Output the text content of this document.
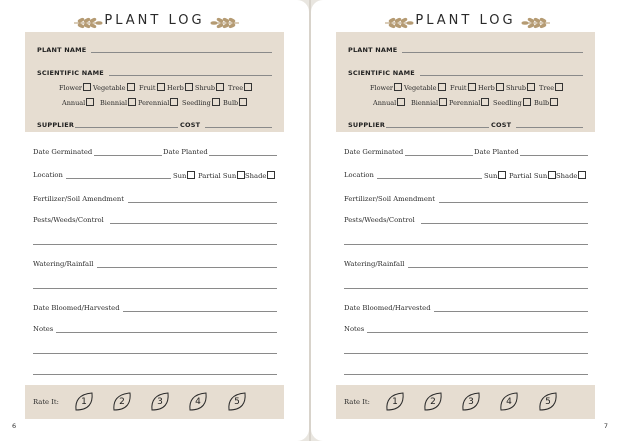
PLANT LOG
PLANT NAME
SCIENTIFIC NAME
Flower	Vegetable	Fruit	Herb	Shrub	Tree
Annual	Biennial	Perennial	Seedling	Bulb
SUPPLIER	COST
Date Germinated	Date Planted
Location	Sun	Partial Sun	Shade
Fertilizer/Soil Amendment
Pests/Weeds/Control
Watering/Rainfall
Date Bloomed/Harvested
Notes
Rate It:	1	2	3	4	5
6
PLANT LOG
PLANT NAME
SCIENTIFIC NAME
Flower	Vegetable	Fruit	Herb	Shrub	Tree
Annual	Biennial	Perennial	Seedling	Bulb
SUPPLIER	COST
Date Germinated	Date Planted
Location	Sun	Partial Sun	Shade
Fertilizer/Soil Amendment
Pests/Weeds/Control
Watering/Rainfall
Date Bloomed/Harvested
Notes
Rate It:	1	2	3	4	5
7
